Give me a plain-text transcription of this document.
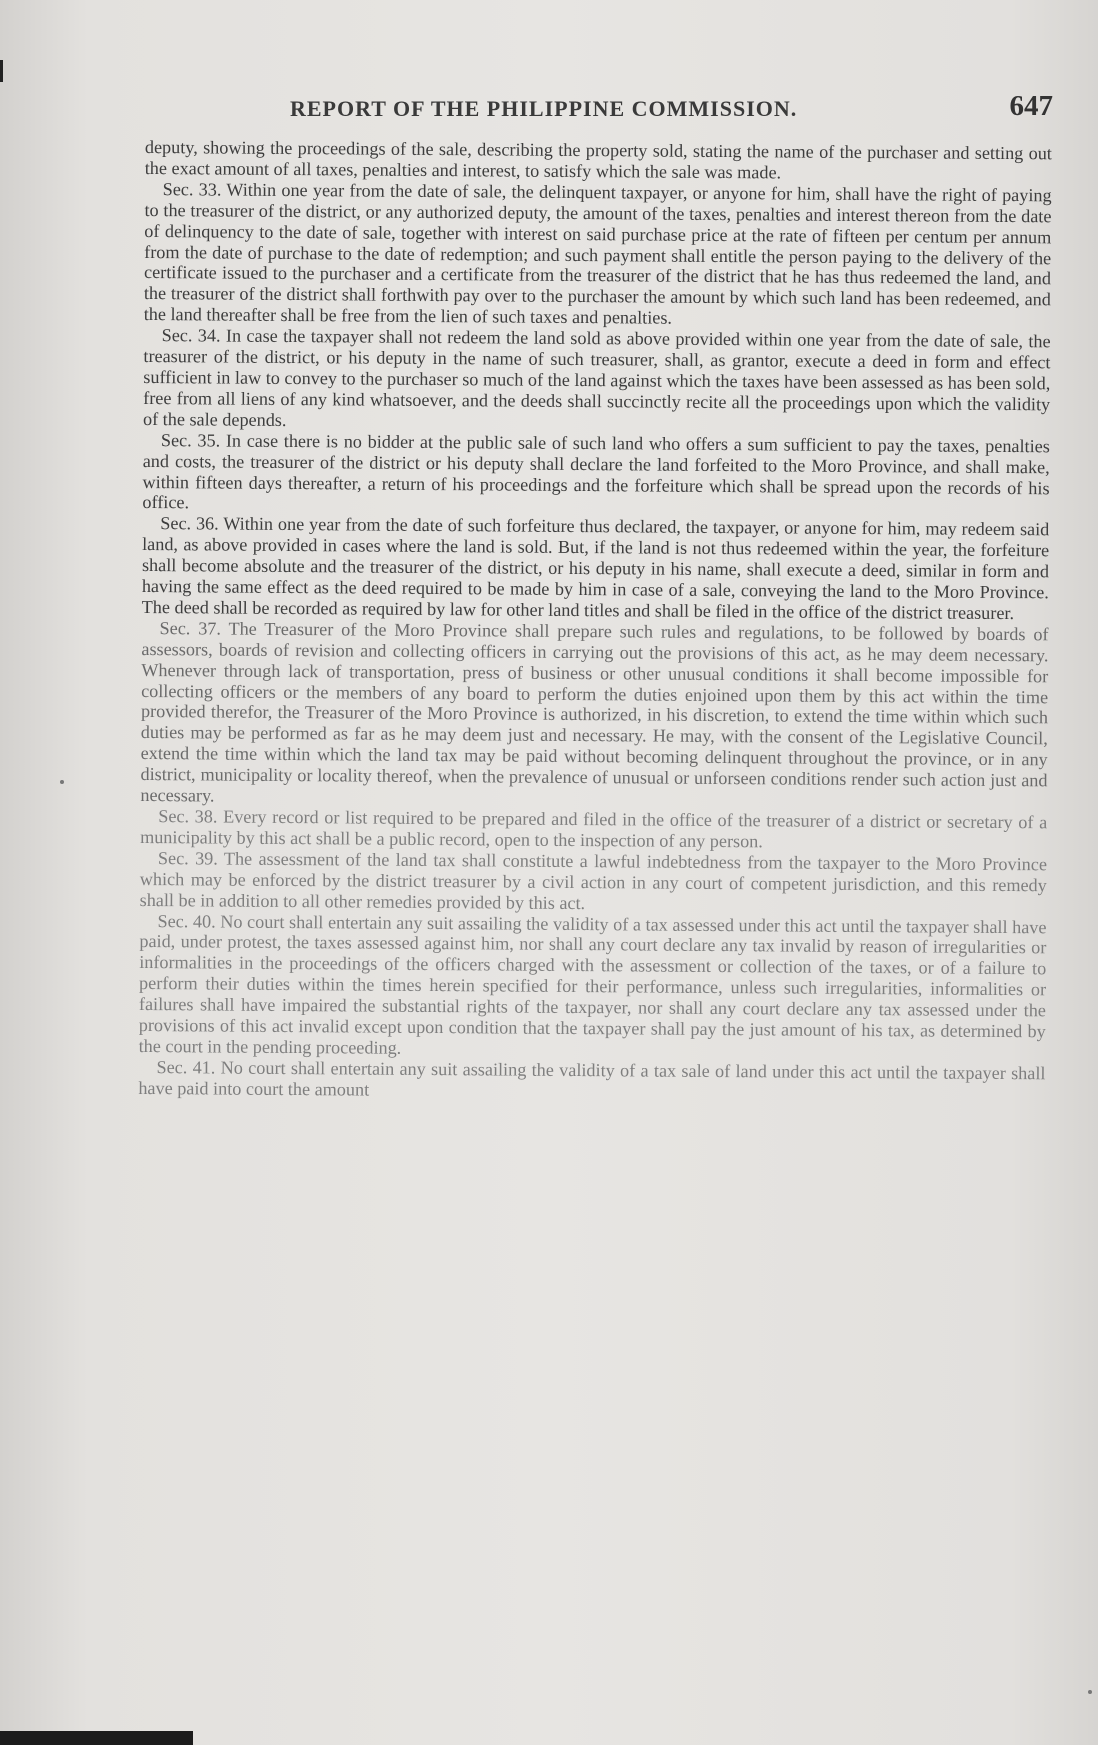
REPORT OF THE PHILIPPINE COMMISSION.	647

deputy, showing the proceedings of the sale, describing the property sold, stating the name of the purchaser and setting out the exact amount of all taxes, penalties and interest, to satisfy which the sale was made.

Sec. 33. Within one year from the date of sale, the delinquent taxpayer, or anyone for him, shall have the right of paying to the treasurer of the district, or any authorized deputy, the amount of the taxes, penalties and interest thereon from the date of delinquency to the date of sale, together with interest on said purchase price at the rate of fifteen per centum per annum from the date of purchase to the date of redemption; and such payment shall entitle the person paying to the delivery of the certificate issued to the purchaser and a certificate from the treasurer of the district that he has thus redeemed the land, and the treasurer of the district shall forthwith pay over to the purchaser the amount by which such land has been redeemed, and the land thereafter shall be free from the lien of such taxes and penalties.

Sec. 34. In case the taxpayer shall not redeem the land sold as above provided within one year from the date of sale, the treasurer of the district, or his deputy in the name of such treasurer, shall, as grantor, execute a deed in form and effect sufficient in law to convey to the purchaser so much of the land against which the taxes have been assessed as has been sold, free from all liens of any kind whatsoever, and the deeds shall succinctly recite all the proceedings upon which the validity of the sale depends.

Sec. 35. In case there is no bidder at the public sale of such land who offers a sum sufficient to pay the taxes, penalties and costs, the treasurer of the district or his deputy shall declare the land forfeited to the Moro Province, and shall make, within fifteen days thereafter, a return of his proceedings and the forfeiture which shall be spread upon the records of his office.

Sec. 36. Within one year from the date of such forfeiture thus declared, the taxpayer, or anyone for him, may redeem said land, as above provided in cases where the land is sold. But, if the land is not thus redeemed within the year, the forfeiture shall become absolute and the treasurer of the district, or his deputy in his name, shall execute a deed, similar in form and having the same effect as the deed required to be made by him in case of a sale, conveying the land to the Moro Province. The deed shall be recorded as required by law for other land titles and shall be filed in the office of the district treasurer.

Sec. 37. The Treasurer of the Moro Province shall prepare such rules and regulations, to be followed by boards of assessors, boards of revision and collecting officers in carrying out the provisions of this act, as he may deem necessary. Whenever through lack of transportation, press of business or other unusual conditions it shall become impossible for collecting officers or the members of any board to perform the duties enjoined upon them by this act within the time provided therefor, the Treasurer of the Moro Province is authorized, in his discretion, to extend the time within which such duties may be performed as far as he may deem just and necessary. He may, with the consent of the Legislative Council, extend the time within which the land tax may be paid without becoming delinquent throughout the province, or in any district, municipality or locality thereof, when the prevalence of unusual or unforseen conditions render such action just and necessary.

Sec. 38. Every record or list required to be prepared and filed in the office of the treasurer of a district or secretary of a municipality by this act shall be a public record, open to the inspection of any person.

Sec. 39. The assessment of the land tax shall constitute a lawful indebtedness from the taxpayer to the Moro Province which may be enforced by the district treasurer by a civil action in any court of competent jurisdiction, and this remedy shall be in addition to all other remedies provided by this act.

Sec. 40. No court shall entertain any suit assailing the validity of a tax assessed under this act until the taxpayer shall have paid, under protest, the taxes assessed against him, nor shall any court declare any tax invalid by reason of irregularities or informalities in the proceedings of the officers charged with the assessment or collection of the taxes, or of a failure to perform their duties within the times herein specified for their performance, unless such irregularities, informalities or failures shall have impaired the substantial rights of the taxpayer, nor shall any court declare any tax assessed under the provisions of this act invalid except upon condition that the taxpayer shall pay the just amount of his tax, as determined by the court in the pending proceeding.

Sec. 41. No court shall entertain any suit assailing the validity of a tax sale of land under this act until the taxpayer shall have paid into court the amount
